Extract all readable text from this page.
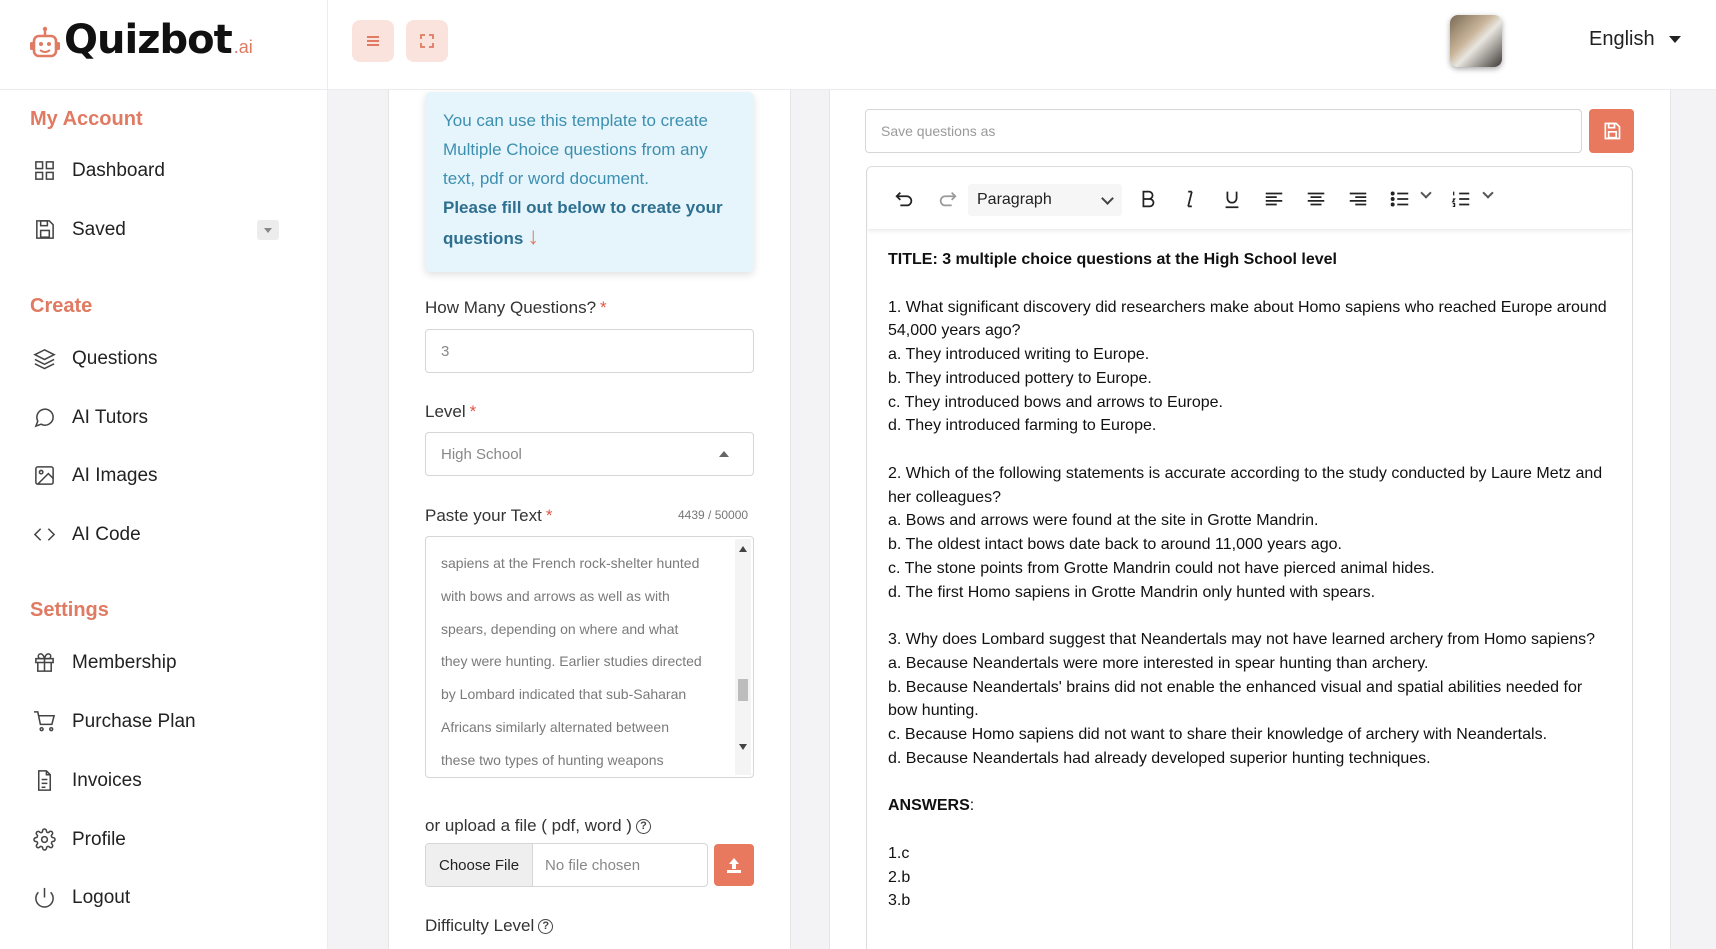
Quizbot .ai	English
My Account
Dashboard
Saved
Create
Questions
AI Tutors
AI Images
AI Code
Settings
Membership
Purchase Plan
Invoices
Profile
Logout
You can use this template to create Multiple Choice questions from any text, pdf or word document.
Please fill out below to create your questions ↓
How Many Questions? *
3
Level *
High School
Paste your Text *	4439 / 50000
sapiens at the French rock-shelter hunted
with bows and arrows as well as with
spears, depending on where and what
they were hunting. Earlier studies directed
by Lombard indicated that sub-Saharan
Africans similarly alternated between
these two types of hunting weapons
or upload a file ( pdf, word ) ?
Choose File	No file chosen
Difficulty Level ?
Save questions as
Paragraph

TITLE: 3 multiple choice questions at the High School level

1. What significant discovery did researchers make about Homo sapiens who reached Europe around 54,000 years ago?

a. They introduced writing to Europe.

b. They introduced pottery to Europe.

c. They introduced bows and arrows to Europe.

d. They introduced farming to Europe.

2. Which of the following statements is accurate according to the study conducted by Laure Metz and her colleagues?

a. Bows and arrows were found at the site in Grotte Mandrin.

b. The oldest intact bows date back to around 11,000 years ago.

c. The stone points from Grotte Mandrin could not have pierced animal hides.

d. The first Homo sapiens in Grotte Mandrin only hunted with spears.

3. Why does Lombard suggest that Neandertals may not have learned archery from Homo sapiens?

a. Because Neandertals were more interested in spear hunting than archery.

b. Because Neandertals' brains did not enable the enhanced visual and spatial abilities needed for bow hunting.

c. Because Homo sapiens did not want to share their knowledge of archery with Neandertals.

d. Because Neandertals had already developed superior hunting techniques.

ANSWERS:

1.c

2.b

3.b
